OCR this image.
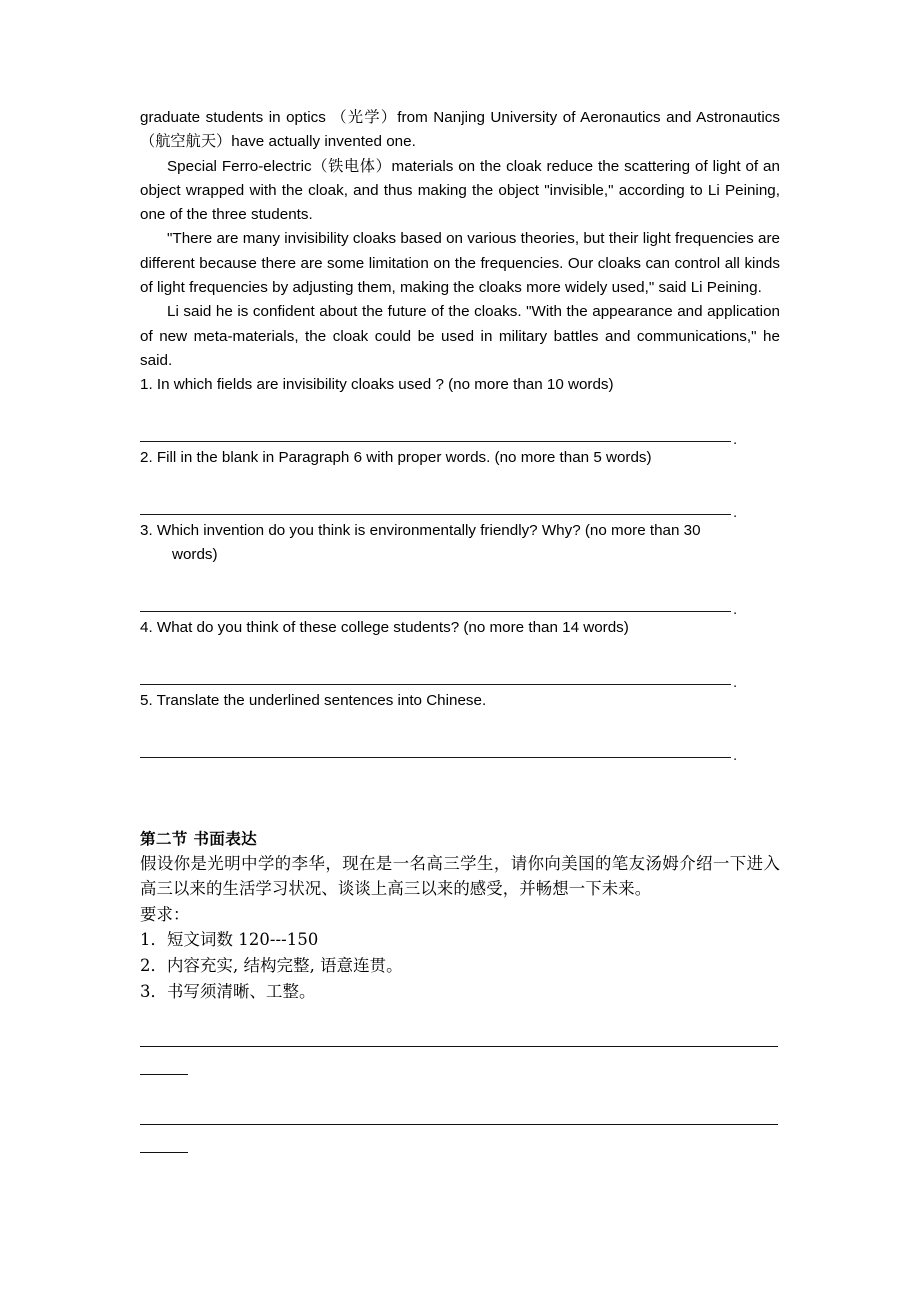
graduate students in optics （光学）from Nanjing University of Aeronautics and Astronautics（航空航天）have actually invented one.

Special Ferro-electric（铁电体）materials on the cloak reduce the scattering of light of an object wrapped with the cloak, and thus making the object "invisible," according to Li Peining, one of the three students.

"There are many invisibility cloaks based on various theories, but their light frequencies are different because there are some limitation on the frequencies. Our cloaks can control all kinds of light frequencies by adjusting them, making the cloaks more widely used," said Li Peining.

Li said he is confident about the future of the cloaks. "With the appearance and application of new meta-materials, the cloak could be used in military battles and communications," he said.

1. In which fields are invisibility cloaks used ? (no more than 10 words)

.

2. Fill in the blank in Paragraph 6 with proper words. (no more than 5 words)

.

3. Which invention do you think is environmentally friendly? Why? (no more than 30

words)

.

4. What do you think of these college students? (no more than 14 words)

.

5. Translate the underlined sentences into Chinese.

.

第二节 书面表达

假设你是光明中学的李华，现在是一名高三学生，请你向美国的笔友汤姆介绍一下进入高三以来的生活学习状况、谈谈上高三以来的感受，并畅想一下未来。

要求：

1．短文词数 120---150

2．内容充实, 结构完整, 语意连贯。

3．书写须清晰、工整。
